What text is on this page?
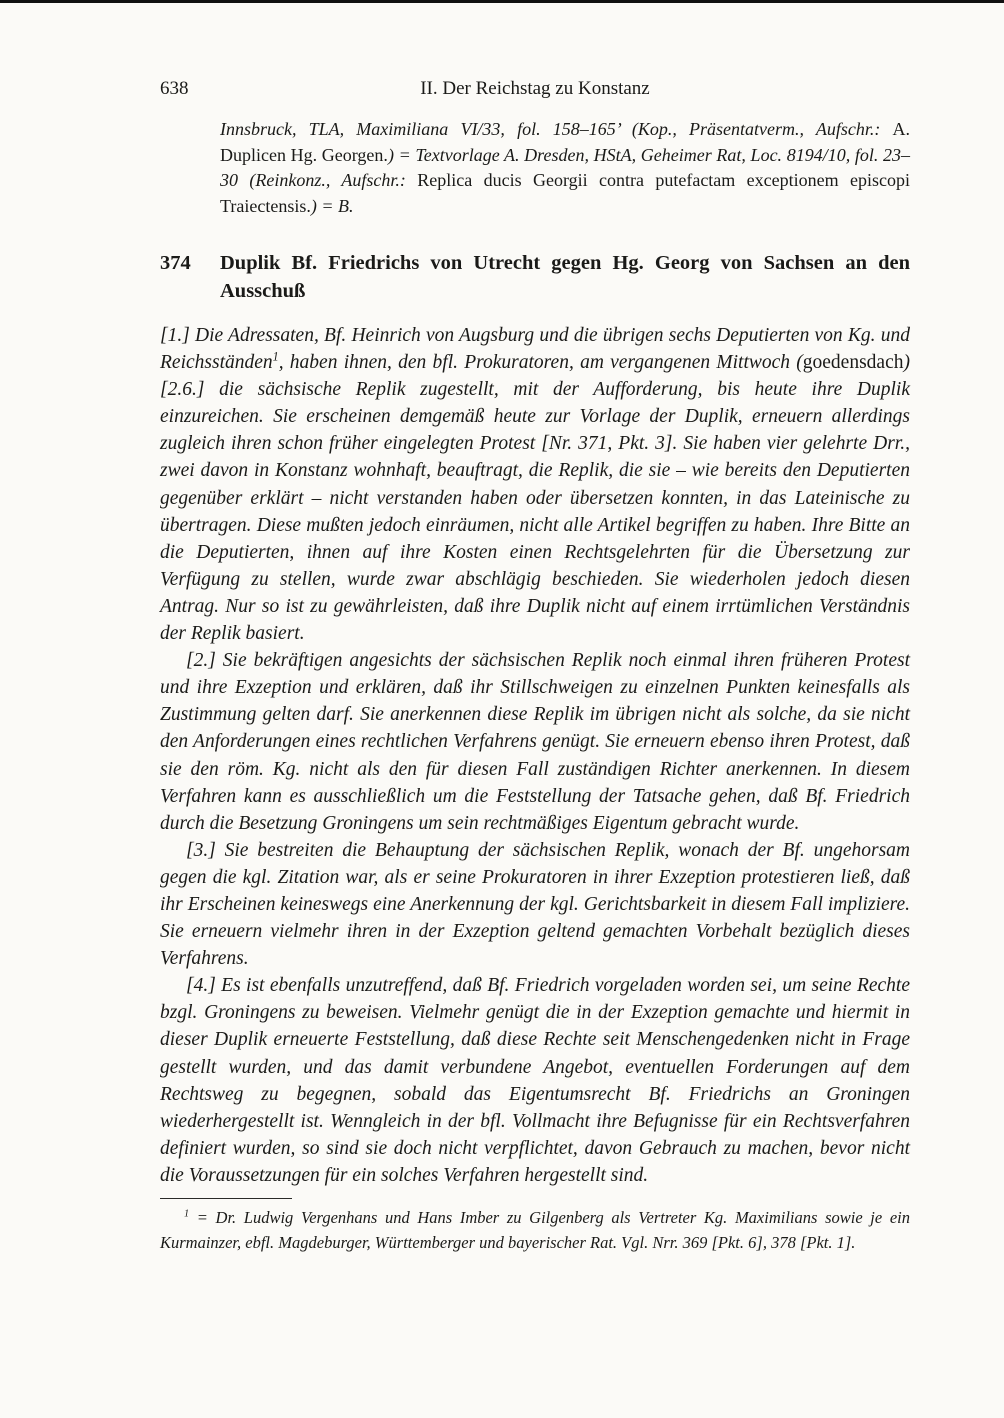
638	II. Der Reichstag zu Konstanz
Innsbruck, TLA, Maximiliana VI/33, fol. 158–165’ (Kop., Präsentatverm., Aufschr.: A. Duplicen Hg. Georgen.) = Textvorlage A. Dresden, HStA, Geheimer Rat, Loc. 8194/10, fol. 23–30 (Reinkonz., Aufschr.: Replica ducis Georgii contra putefactam exceptionem episcopi Traiectensis.) = B.
374	Duplik Bf. Friedrichs von Utrecht gegen Hg. Georg von Sachsen an den Ausschuß

[1.] Die Adressaten, Bf. Heinrich von Augsburg und die übrigen sechs Deputierten von Kg. und Reichsständen$^1$, haben ihnen, den bfl. Prokuratoren, am vergangenen Mittwoch (goedensdach) [2.6.] die sächsische Replik zugestellt, mit der Aufforderung, bis heute ihre Duplik einzureichen. Sie erscheinen demgemäß heute zur Vorlage der Duplik, erneuern allerdings zugleich ihren schon früher eingelegten Protest [Nr. 371, Pkt. 3]. Sie haben vier gelehrte Drr., zwei davon in Konstanz wohnhaft, beauftragt, die Replik, die sie – wie bereits den Deputierten gegenüber erklärt – nicht verstanden haben oder übersetzen konnten, in das Lateinische zu übertragen. Diese mußten jedoch einräumen, nicht alle Artikel begriffen zu haben. Ihre Bitte an die Deputierten, ihnen auf ihre Kosten einen Rechtsgelehrten für die Übersetzung zur Verfügung zu stellen, wurde zwar abschlägig beschieden. Sie wiederholen jedoch diesen Antrag. Nur so ist zu gewährleisten, daß ihre Duplik nicht auf einem irrtümlichen Verständnis der Replik basiert.

[2.] Sie bekräftigen angesichts der sächsischen Replik noch einmal ihren früheren Protest und ihre Exzeption und erklären, daß ihr Stillschweigen zu einzelnen Punkten keinesfalls als Zustimmung gelten darf. Sie anerkennen diese Replik im übrigen nicht als solche, da sie nicht den Anforderungen eines rechtlichen Verfahrens genügt. Sie erneuern ebenso ihren Protest, daß sie den röm. Kg. nicht als den für diesen Fall zuständigen Richter anerkennen. In diesem Verfahren kann es ausschließlich um die Feststellung der Tatsache gehen, daß Bf. Friedrich durch die Besetzung Groningens um sein rechtmäßiges Eigentum gebracht wurde.

[3.] Sie bestreiten die Behauptung der sächsischen Replik, wonach der Bf. ungehorsam gegen die kgl. Zitation war, als er seine Prokuratoren in ihrer Exzeption protestieren ließ, daß ihr Erscheinen keineswegs eine Anerkennung der kgl. Gerichtsbarkeit in diesem Fall impliziere. Sie erneuern vielmehr ihren in der Exzeption geltend gemachten Vorbehalt bezüglich dieses Verfahrens.

[4.] Es ist ebenfalls unzutreffend, daß Bf. Friedrich vorgeladen worden sei, um seine Rechte bzgl. Groningens zu beweisen. Vielmehr genügt die in der Exzeption gemachte und hiermit in dieser Duplik erneuerte Feststellung, daß diese Rechte seit Menschengedenken nicht in Frage gestellt wurden, und das damit verbundene Angebot, eventuellen Forderungen auf dem Rechtsweg zu begegnen, sobald das Eigentumsrecht Bf. Friedrichs an Groningen wiederhergestellt ist. Wenngleich in der bfl. Vollmacht ihre Befugnisse für ein Rechtsverfahren definiert wurden, so sind sie doch nicht verpflichtet, davon Gebrauch zu machen, bevor nicht die Voraussetzungen für ein solches Verfahren hergestellt sind.

$^1$ = Dr. Ludwig Vergenhans und Hans Imber zu Gilgenberg als Vertreter Kg. Maximilians sowie je ein Kurmainzer, ebfl. Magdeburger, Württemberger und bayerischer Rat. Vgl. Nrr. 369 [Pkt. 6], 378 [Pkt. 1].
